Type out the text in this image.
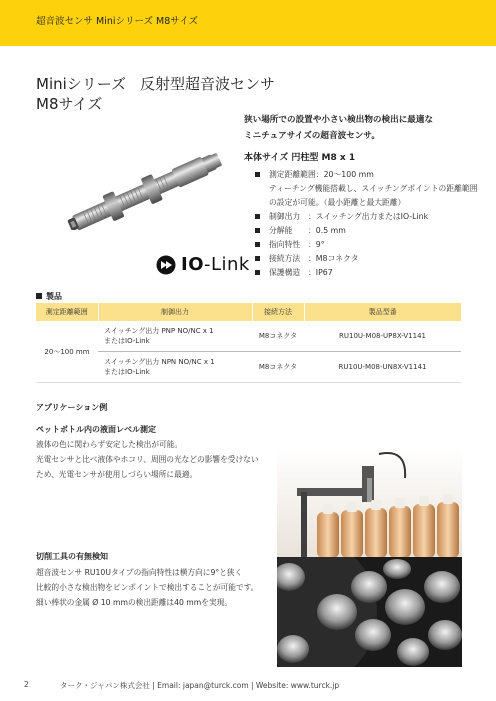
超音波センサ Miniシリーズ M8サイズ
Miniシリーズ 反射型超音波センサ
M8サイズ
狭い場所での設置や小さい検出物の検出に最適な
ミニチュアサイズの超音波センサ。
本体サイズ 円柱型 M8 x 1
測定距離範囲：20～100 mm
ティーチング機能搭載し、スイッチングポイントの距離範囲
の設定が可能。（最小距離と最大距離）
制御出力　：スイッチング出力またはIO-Link
分解能　　：0.5 mm
指向特性　：9°
接続方法　：M8コネクタ
保護構造　：IP67
IO-Link
製品
測定距離範囲	制御出力	接続方法	製品型番
20～100 mm	スイッチング出力 PNP NO/NC x 1
またはIO-Link	M8コネクタ	RU10U-M08-UP8X-V1141

	スイッチング出力 NPN NO/NC x 1
またはIO-Link	M8コネクタ	RU10U-M08-UN8X-V1141
アプリケーション例
ペットボトル内の液面レベル測定
液体の色に関わらず安定した検出が可能。
光電センサと比べ液体やホコリ、周囲の光などの影響を受けない
ため、光電センサが使用しづらい場所に最適。
切削工具の有無検知
超音波センサ RU10Uタイプの指向特性は横方向に9°と狭く
比較的小さな検出物をピンポイントで検出することが可能です。
細い棒状の金属 Ø 10 mmの検出距離は40 mmを実現。
2	ターク・ジャパン株式会社 | Email: japan@turck.com | Website: www.turck.jp
